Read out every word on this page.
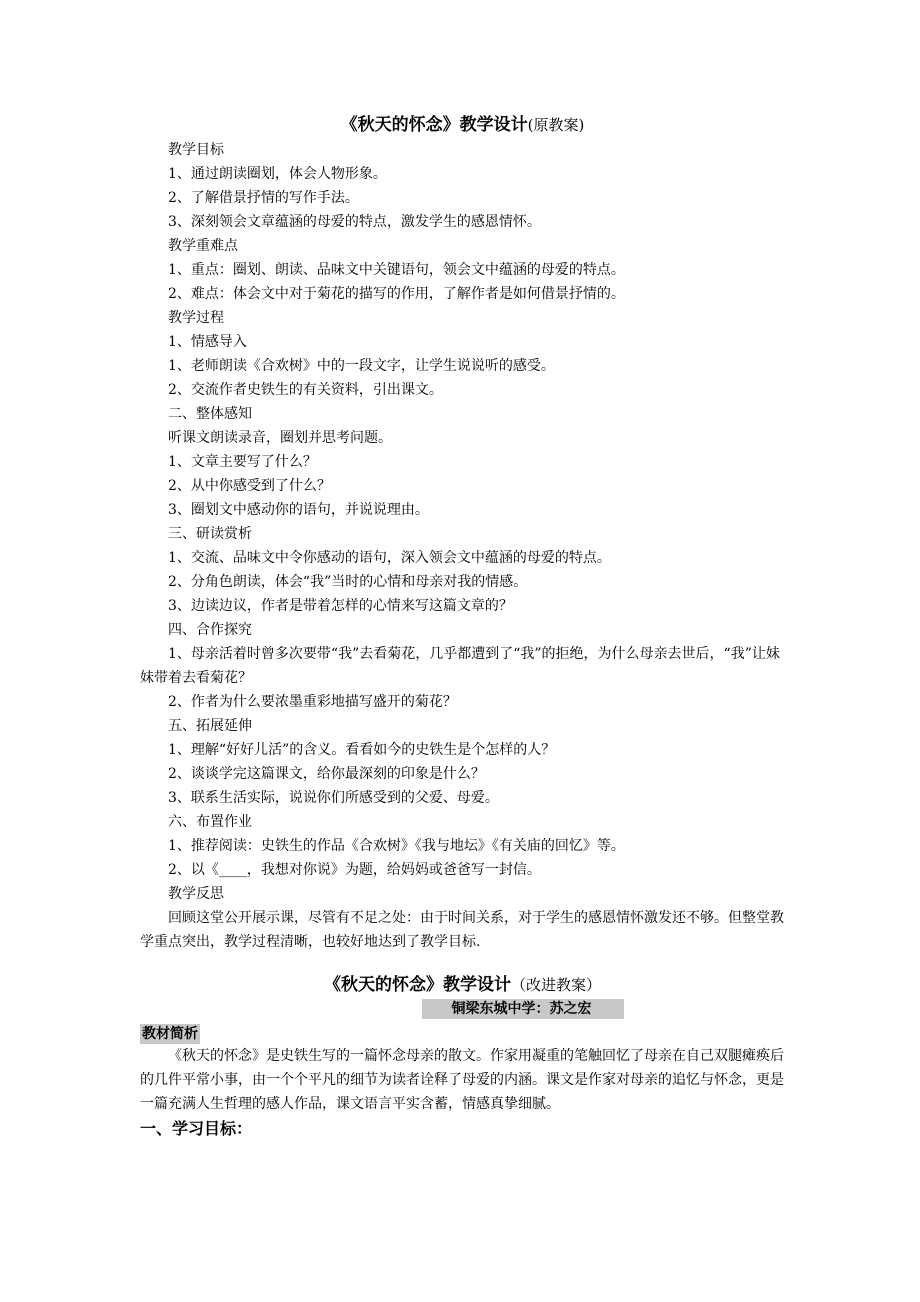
《秋天的怀念》教学设计(原教案)
教学目标
1、通过朗读圈划，体会人物形象。
2、了解借景抒情的写作手法。
3、深刻领会文章蕴涵的母爱的特点，激发学生的感恩情怀。
教学重难点
1、重点：圈划、朗读、品味文中关键语句，领会文中蕴涵的母爱的特点。
2、难点：体会文中对于菊花的描写的作用，了解作者是如何借景抒情的。
教学过程
1、情感导入
1、老师朗读《合欢树》中的一段文字，让学生说说听的感受。
2、交流作者史铁生的有关资料，引出课文。
二、整体感知
听课文朗读录音，圈划并思考问题。
1、文章主要写了什么？
2、从中你感受到了什么？
3、圈划文中感动你的语句，并说说理由。
三、研读赏析
1、交流、品味文中令你感动的语句，深入领会文中蕴涵的母爱的特点。
2、分角色朗读，体会“我”当时的心情和母亲对我的情感。
3、边读边议，作者是带着怎样的心情来写这篇文章的？
四、合作探究
1、母亲活着时曾多次要带“我”去看菊花，几乎都遭到了“我”的拒绝，为什么母亲去世后，“我”让妹妹带着去看菊花？
2、作者为什么要浓墨重彩地描写盛开的菊花？
五、拓展延伸
1、理解“好好儿活”的含义。看看如今的史铁生是个怎样的人？
2、谈谈学完这篇课文，给你最深刻的印象是什么？
3、联系生活实际，说说你们所感受到的父爱、母爱。
六、布置作业
1、推荐阅读：史铁生的作品《合欢树》《我与地坛》《有关庙的回忆》等。
2、以《____，我想对你说》为题，给妈妈或爸爸写一封信。
教学反思
回顾这堂公开展示课，尽管有不足之处：由于时间关系，对于学生的感恩情怀激发还不够。但整堂教学重点突出，教学过程清晰，也较好地达到了教学目标.
《秋天的怀念》教学设计（改进教案）
铜梁东城中学：苏之宏
教材简析
《秋天的怀念》是史铁生写的一篇怀念母亲的散文。作家用凝重的笔触回忆了母亲在自己双腿瘫痪后的几件平常小事，由一个个平凡的细节为读者诠释了母爱的内涵。课文是作家对母亲的追忆与怀念，更是一篇充满人生哲理的感人作品，课文语言平实含蓄，情感真挚细腻。
一、学习目标：
